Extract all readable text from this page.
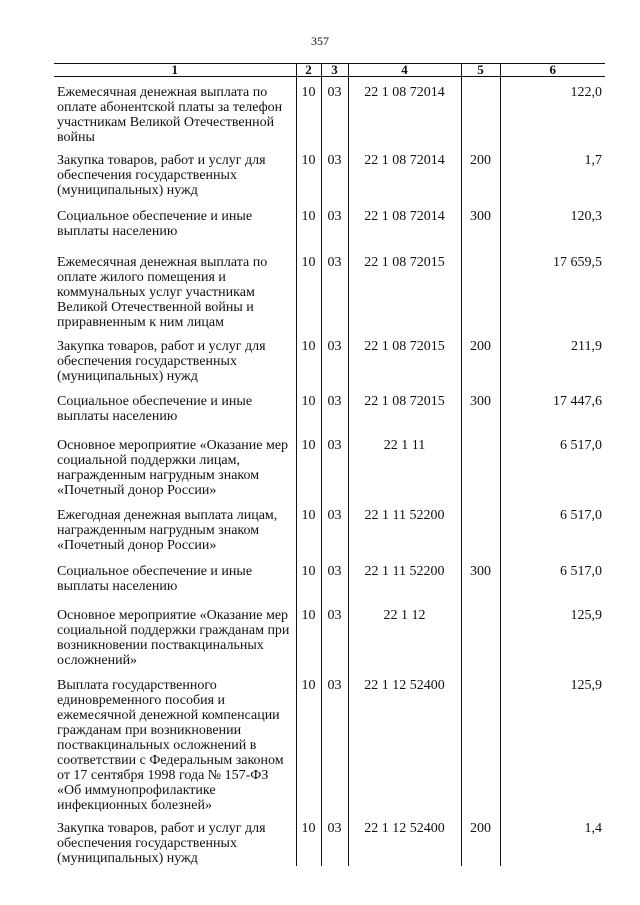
357
1	2	3	4	5	6
Ежемесячная денежная выплата по оплате абонентской платы за телефон участникам Великой Отечественной войны	10	03	22 1 08 72014		122,0
Закупка товаров, работ и услуг для обеспечения государственных (муниципальных) нужд	10	03	22 1 08 72014	200	1,7
Социальное обеспечение и иные выплаты населению	10	03	22 1 08 72014	300	120,3
Ежемесячная денежная выплата по оплате жилого помещения и коммунальных услуг участникам Великой Отечественной войны и приравненным к ним лицам	10	03	22 1 08 72015		17 659,5
Закупка товаров, работ и услуг для обеспечения государственных (муниципальных) нужд	10	03	22 1 08 72015	200	211,9
Социальное обеспечение и иные выплаты населению	10	03	22 1 08 72015	300	17 447,6
Основное мероприятие «Оказание мер социальной поддержки лицам, награжденным нагрудным знаком «Почетный донор России»	10	03	22 1 11		6 517,0
Ежегодная денежная выплата лицам, награжденным нагрудным знаком «Почетный донор России»	10	03	22 1 11 52200		6 517,0
Социальное обеспечение и иные выплаты населению	10	03	22 1 11 52200	300	6 517,0
Основное мероприятие «Оказание мер социальной поддержки гражданам при возникновении поствакцинальных осложнений»	10	03	22 1 12		125,9
Выплата государственного единовременного пособия и ежемесячной денежной компенсации гражданам при возникновении поствакцинальных осложнений в соответствии с Федеральным законом от 17 сентября 1998 года № 157-ФЗ «Об иммунопрофилактике инфекционных болезней»	10	03	22 1 12 52400		125,9
Закупка товаров, работ и услуг для обеспечения государственных (муниципальных) нужд	10	03	22 1 12 52400	200	1,4
